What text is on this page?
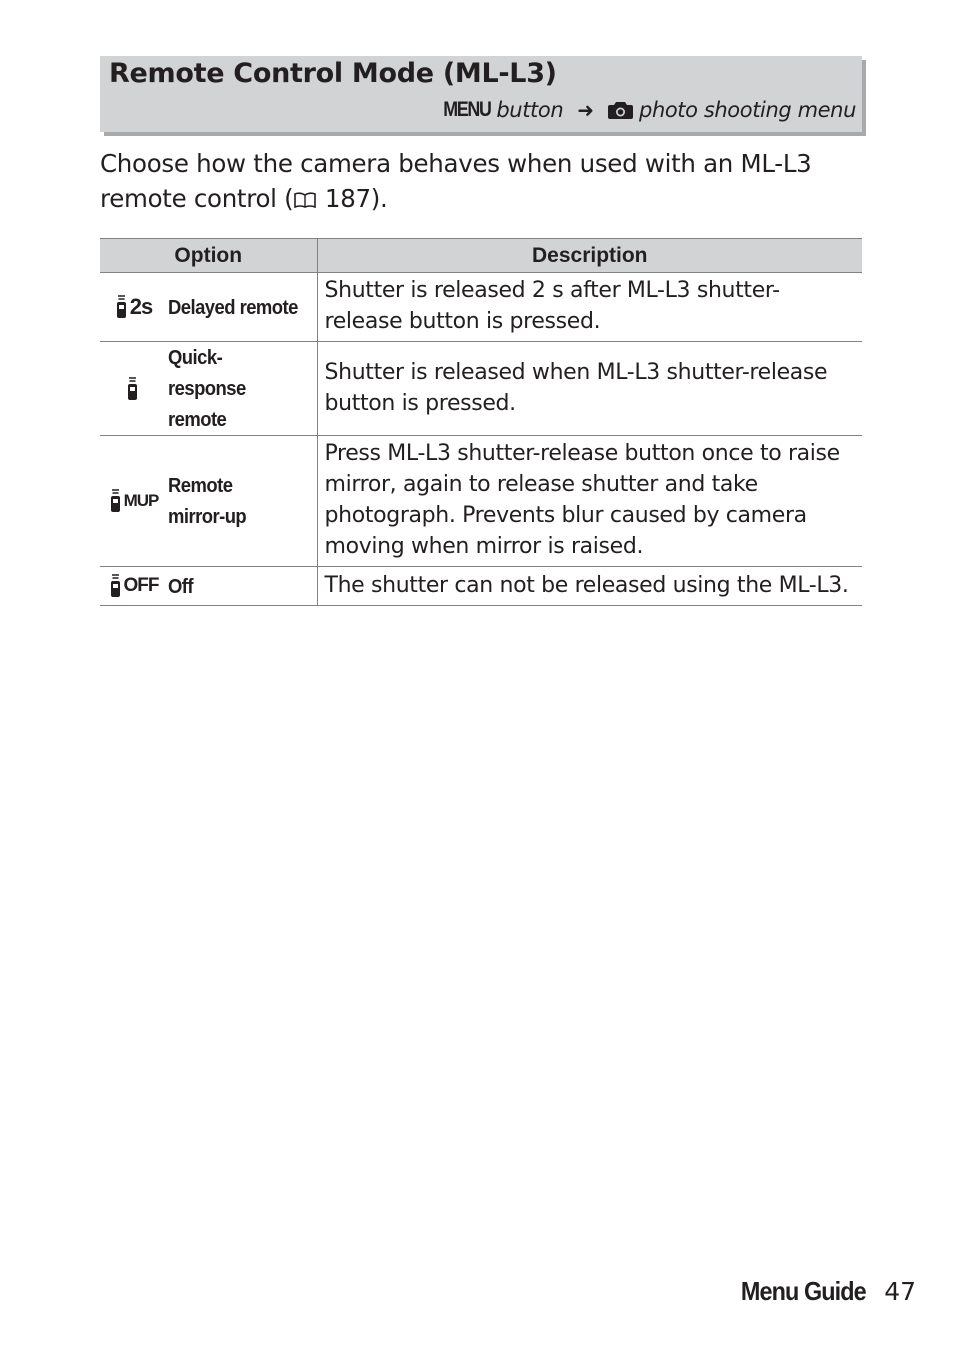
Remote Control Mode (ML-L3)
MENU button ➜ photo shooting menu

Choose how the camera behaves when used with an ML-L3 remote control ( 187).

Option	Description

2s Delayed remote	Shutter is released 2 s after ML-L3 shutter-release button is pressed.

Quick-response remote	Shutter is released when ML-L3 shutter-release button is pressed.

MUP
Remote mirror-up	Press ML-L3 shutter-release button once to raise mirror, again to release shutter and take photograph. Prevents blur caused by camera moving when mirror is raised.

OFF Off	The shutter can not be released using the ML-L3.
Menu Guide 47
